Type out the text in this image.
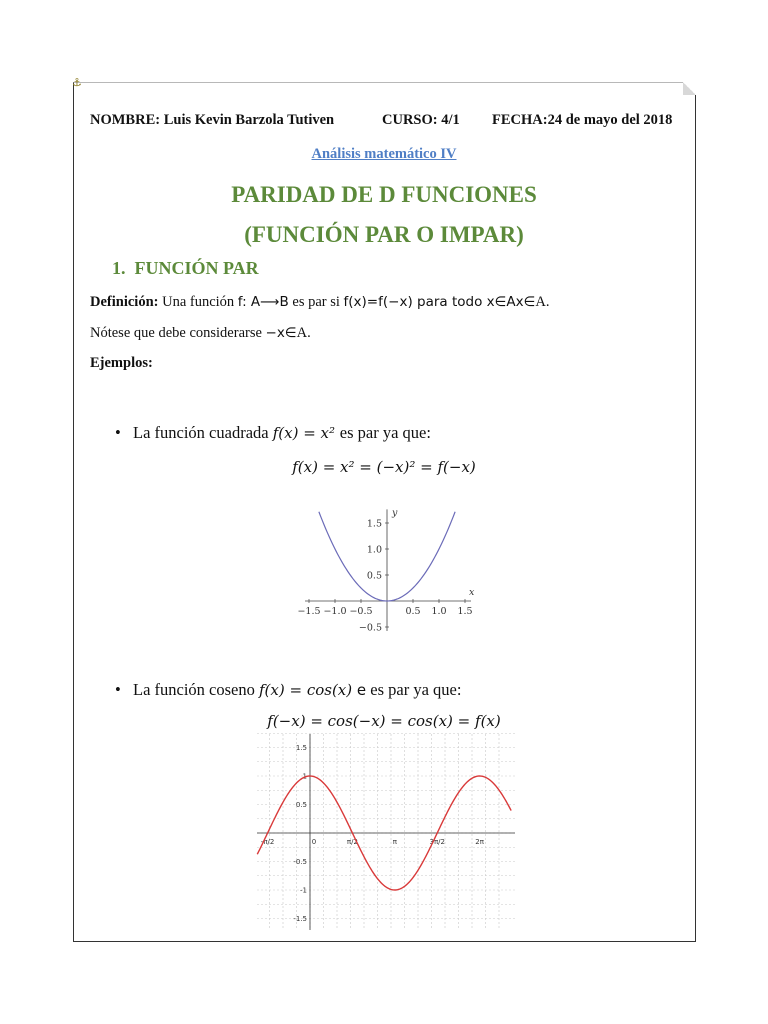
⚓
NOMBRE: Luis Kevin Barzola Tutiven	CURSO: 4/1 FECHA:24 de mayo del 2018
Análisis matemático IV
PARIDAD DE D FUNCIONES
(FUNCIÓN PAR O IMPAR)
1. FUNCIÓN PAR
Definición: Una función f: A⟶B es par si f(x)=f(−x) para todo x∈Ax∈A.
Nótese que debe considerarse −x∈A.
Ejemplos:
• La función cuadrada f(x) = x² es par ya que:
f(x) = x² = (−x)² = f(−x)
−1.5 −1.0 −0.5	0.5 1.0 1.5
1.5
1.0
0.5
−0.5
x
y
• La función coseno f(x) = cos(x) e es par ya que:
f(−x) = cos(−x) = cos(x) = f(x)
-π/2	0	π/2	π	3π/2	2π
1.5
1
0.5
-0.5
-1
-1.5
